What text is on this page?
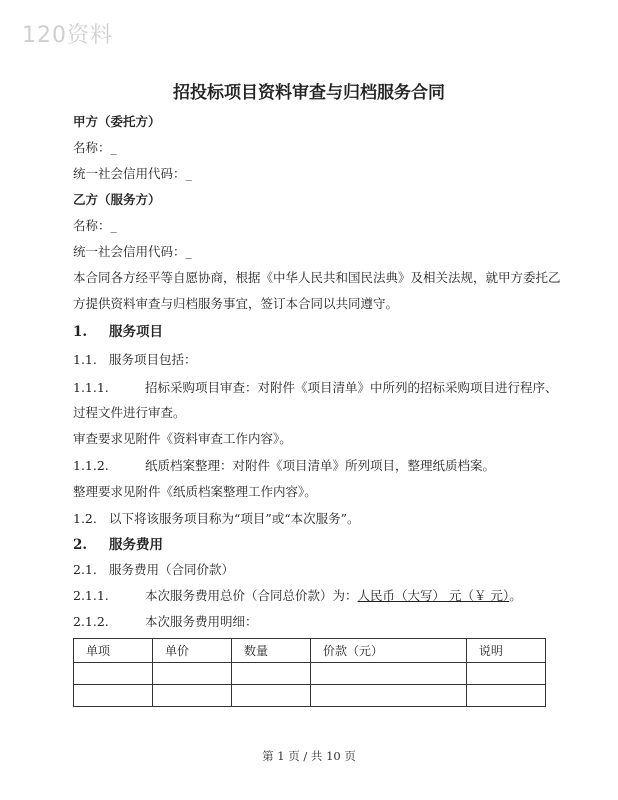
120资料
招投标项目资料审查与归档服务合同
甲方（委托方）
名称：_
统一社会信用代码：_
乙方（服务方）
名称：_
统一社会信用代码：_
本合同各方经平等自愿协商，根据《中华人民共和国民法典》及相关法规，就甲方委托乙
方提供资料审查与归档服务事宜，签订本合同以共同遵守。
1. 服务项目
1.1. 服务项目包括：
1.1.1.	招标采购项目审查：对附件《项目清单》中所列的招标采购项目进行程序、
过程文件进行审查。
审查要求见附件《资料审查工作内容》。
1.1.2.	纸质档案整理：对附件《项目清单》所列项目，整理纸质档案。
整理要求见附件《纸质档案整理工作内容》。
1.2. 以下将该服务项目称为“项目”或“本次服务”。
2. 服务费用
2.1. 服务费用（合同价款）
2.1.1.	本次服务费用总价（合同总价款）为：人民币（大写） 元（￥ 元）。
2.1.2.	本次服务费用明细：
单项	单价	数量	价款（元）	说明

第 1 页 / 共 10 页
